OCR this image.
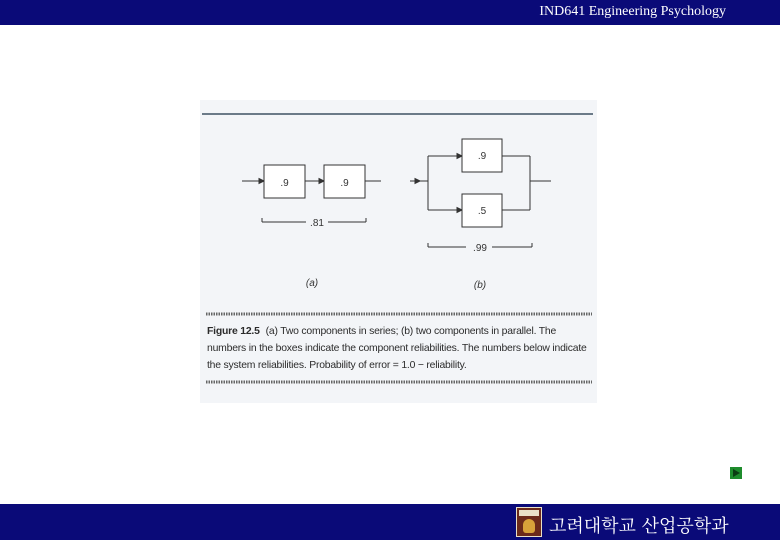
IND641 Engineering Psychology
.9	.9
.81
(a)
.9
.5
.99
(b)
Figure 12.5 (a) Two components in series; (b) two components in parallel. The numbers in the boxes indicate the component reliabilities. The numbers below indicate the system reliabilities. Probability of error = 1.0 − reliability.
고려대학교 산업공학과
